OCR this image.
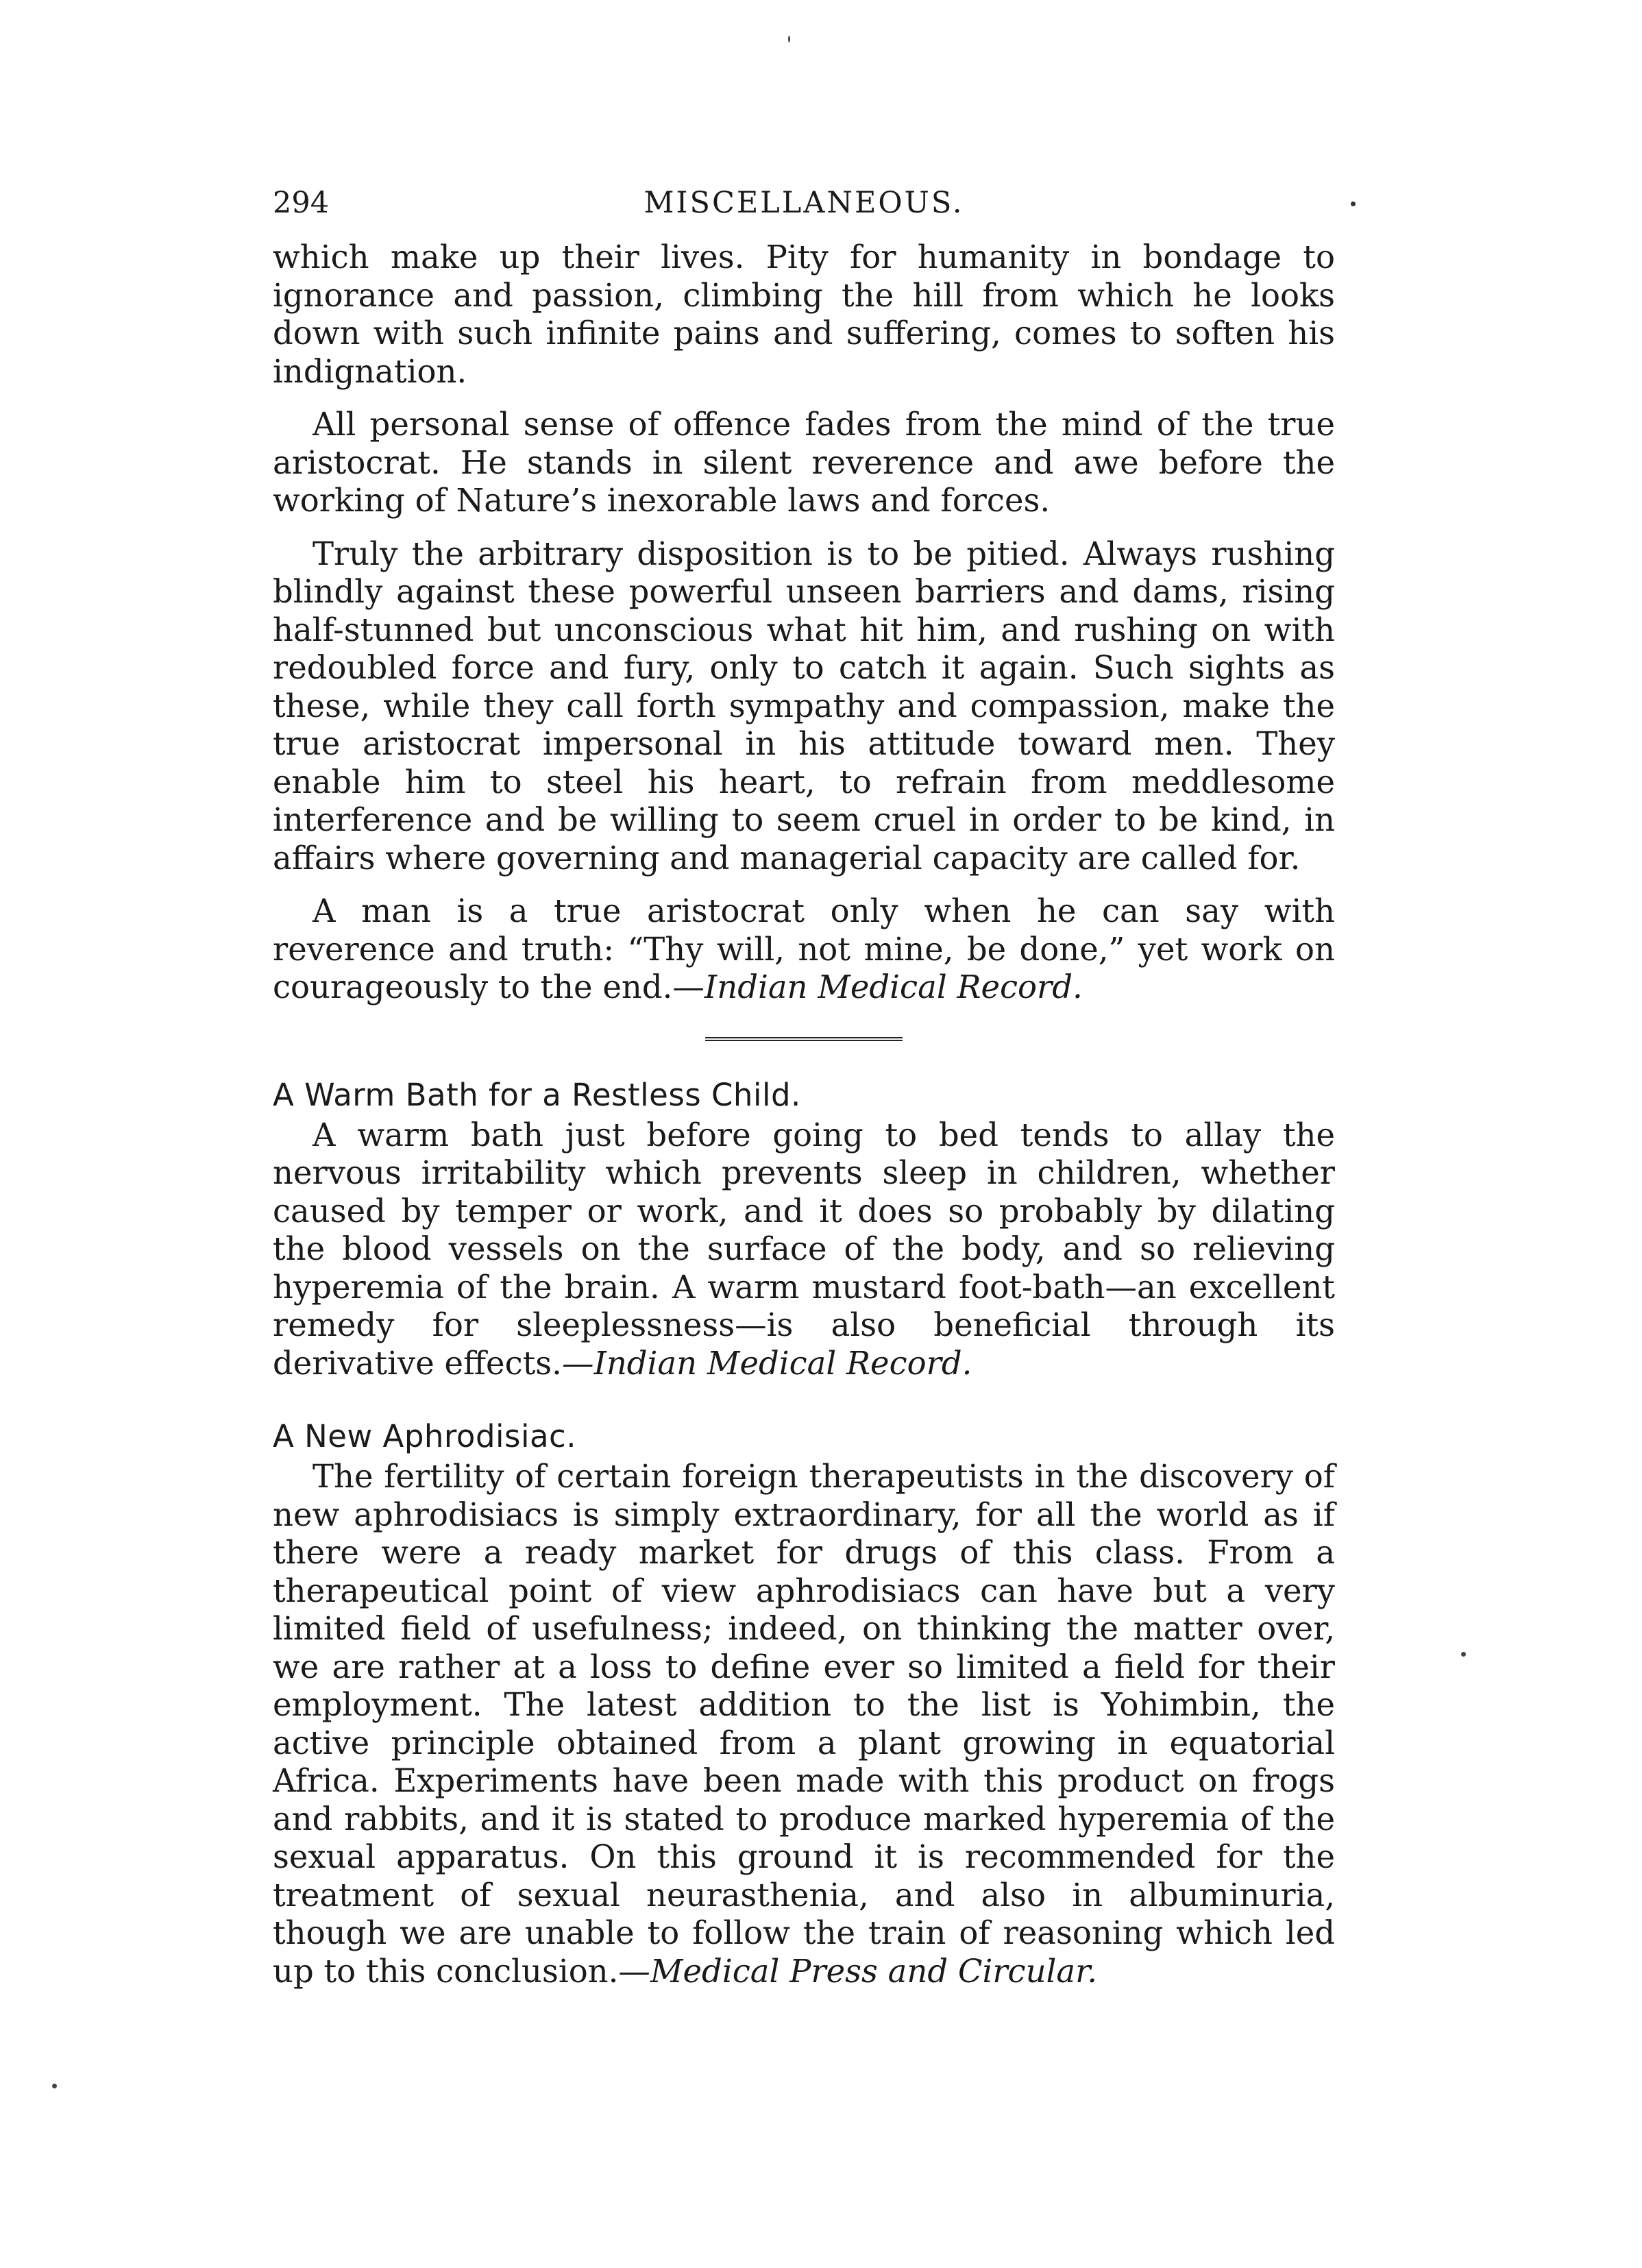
294	MISCELLANEOUS.

which make up their lives. Pity for humanity in bondage to ignorance and passion, climbing the hill from which he looks down with such infinite pains and suffering, comes to soften his indignation.

All personal sense of offence fades from the mind of the true aristocrat. He stands in silent reverence and awe before the working of Nature’s inexorable laws and forces.

Truly the arbitrary disposition is to be pitied. Always rushing blindly against these powerful unseen barriers and dams, rising half-stunned but unconscious what hit him, and rushing on with redoubled force and fury, only to catch it again. Such sights as these, while they call forth sympathy and compassion, make the true aristocrat impersonal in his attitude toward men. They enable him to steel his heart, to refrain from meddlesome interference and be willing to seem cruel in order to be kind, in affairs where governing and managerial capacity are called for.

A man is a true aristocrat only when he can say with reverence and truth: “Thy will, not mine, be done,” yet work on courageously to the end.—Indian Medical Record.

A Warm Bath for a Restless Child.

A warm bath just before going to bed tends to allay the nervous irritability which prevents sleep in children, whether caused by temper or work, and it does so probably by dilating the blood vessels on the surface of the body, and so relieving hyperemia of the brain. A warm mustard foot-bath—an excellent remedy for sleeplessness—is also beneficial through its derivative effects.—Indian Medical Record.

A New Aphrodisiac.

The fertility of certain foreign therapeutists in the discovery of new aphrodisiacs is simply extraordinary, for all the world as if there were a ready market for drugs of this class. From a therapeutical point of view aphrodisiacs can have but a very limited field of usefulness; indeed, on thinking the matter over, we are rather at a loss to define ever so limited a field for their employment. The latest addition to the list is Yohimbin, the active principle obtained from a plant growing in equatorial Africa. Experiments have been made with this product on frogs and rabbits, and it is stated to produce marked hyperemia of the sexual apparatus. On this ground it is recommended for the treatment of sexual neurasthenia, and also in albuminuria, though we are unable to follow the train of reasoning which led up to this conclusion.—Medical Press and Circular.
